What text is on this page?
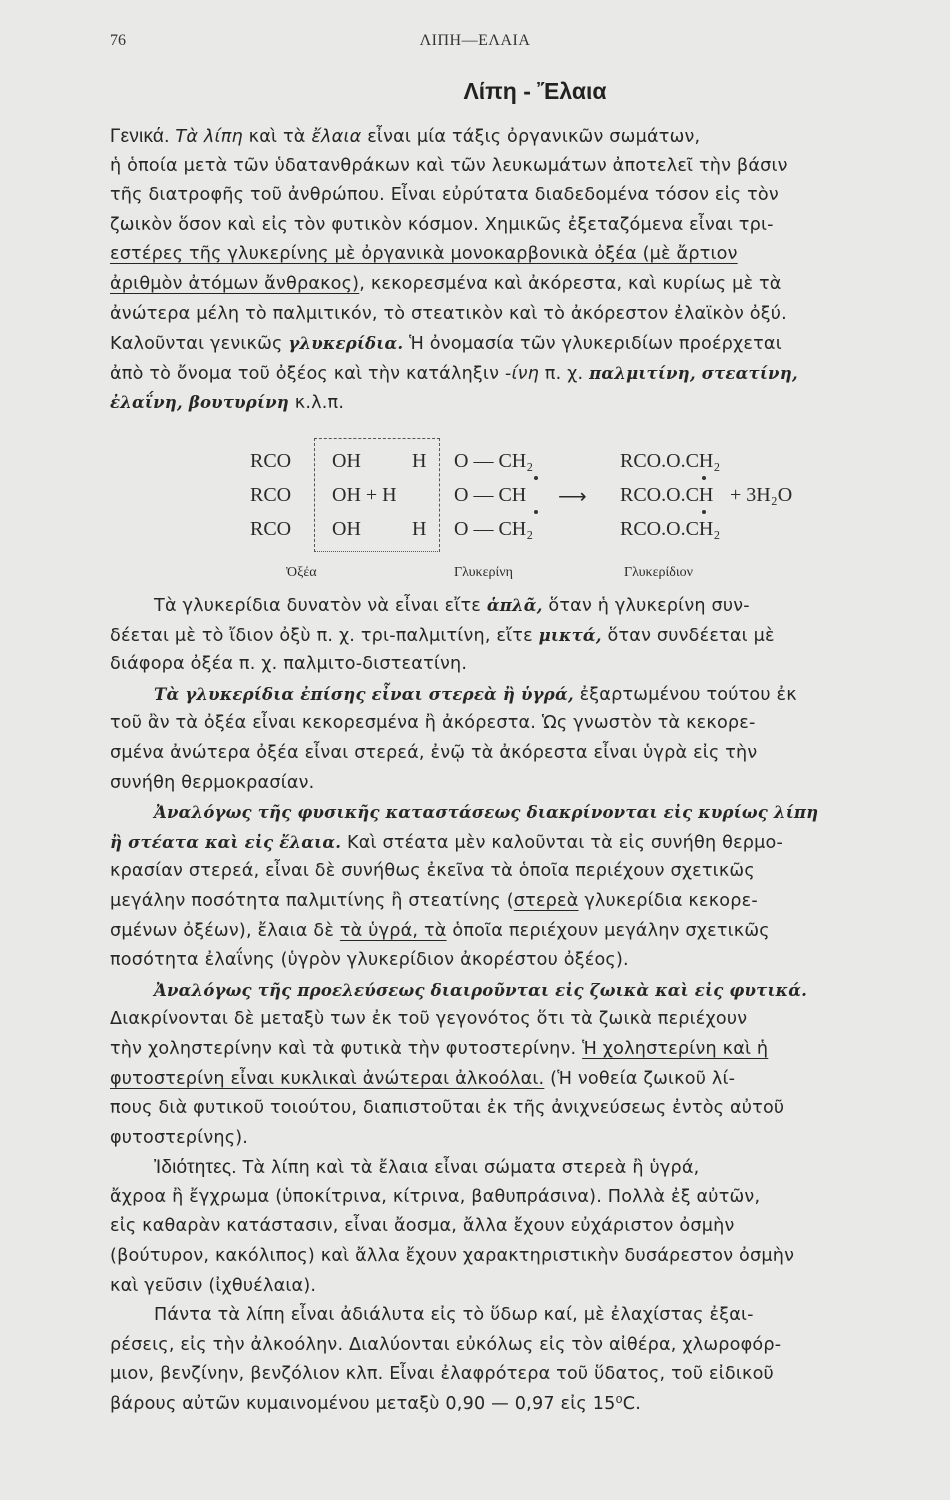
76	ΛΙΠΗ—ΕΛΑΙΑ
Λίπη - Ἔλαια
Γενικά. Τὰ λίπη καὶ τὰ ἔλαια εἶναι μία τάξις ὀργανικῶν σωμάτων,
ἡ ὁποία μετὰ τῶν ὑδατανθράκων καὶ τῶν λευκωμάτων ἀποτελεῖ τὴν βάσιν
τῆς διατροφῆς τοῦ ἀνθρώπου. Εἶναι εὐρύτατα διαδεδομένα τόσον εἰς τὸν
ζωικὸν ὅσον καὶ εἰς τὸν φυτικὸν κόσμον. Χημικῶς ἐξεταζόμενα εἶναι τρι-
εστέρες τῆς γλυκερίνης μὲ ὀργανικὰ μονοκαρβονικὰ ὀξέα (μὲ ἄρτιον
ἀριθμὸν ἀτόμων ἄνθρακος), κεκορεσμένα καὶ ἀκόρεστα, καὶ κυρίως μὲ τὰ
ἀνώτερα μέλη τὸ παλμιτικόν, τὸ στεατικὸν καὶ τὸ ἀκόρεστον ἐλαϊκὸν ὀξύ.
Καλοῦνται γενικῶς γλυκερίδια. Ἡ ὀνομασία τῶν γλυκεριδίων προέρχεται
ἀπὸ τὸ ὄνομα τοῦ ὀξέος καὶ τὴν κατάληξιν -ίνη π. χ. παλμιτίνη, στεατίνη,
ἐλαΐνη, βουτυρίνη κ.λ.π.
RCO OH	H O — CH₂	RCO.O.CH₂
RCO OH + H	O — CH ⟶ RCO.O.CH + 3H₂O
RCO OH	H O — CH₂	RCO.O.CH₂
Ὀξέα	Γλυκερίνη	Γλυκερίδιον
Τὰ γλυκερίδια δυνατὸν νὰ εἶναι εἴτε ἁπλᾶ, ὅταν ἡ γλυκερίνη συν-
δέεται μὲ τὸ ἴδιον ὀξὺ π. χ. τρι-παλμιτίνη, εἴτε μικτά, ὅταν συνδέεται μὲ
διάφορα ὀξέα π. χ. παλμιτο-διστεατίνη.
Τὰ γλυκερίδια ἐπίσης εἶναι στερεὰ ἢ ὑγρά, ἐξαρτωμένου τούτου ἐκ
τοῦ ἂν τὰ ὀξέα εἶναι κεκορεσμένα ἢ ἀκόρεστα. Ὡς γνωστὸν τὰ κεκορε-
σμένα ἀνώτερα ὀξέα εἶναι στερεά, ἐνῷ τὰ ἀκόρεστα εἶναι ὑγρὰ εἰς τὴν
συνήθη θερμοκρασίαν.
Ἀναλόγως τῆς φυσικῆς καταστάσεως διακρίνονται εἰς κυρίως λίπη
ἢ στέατα καὶ εἰς ἔλαια. Καὶ στέατα μὲν καλοῦνται τὰ εἰς συνήθη θερμο-
κρασίαν στερεά, εἶναι δὲ συνήθως ἐκεῖνα τὰ ὁποῖα περιέχουν σχετικῶς
μεγάλην ποσότητα παλμιτίνης ἢ στεατίνης (στερεὰ γλυκερίδια κεκορε-
σμένων ὀξέων), ἔλαια δὲ τὰ ὑγρά, τὰ ὁποῖα περιέχουν μεγάλην σχετικῶς
ποσότητα ἐλαΐνης (ὑγρὸν γλυκερίδιον ἀκορέστου ὀξέος).
Ἀναλόγως τῆς προελεύσεως διαιροῦνται εἰς ζωικὰ καὶ εἰς φυτικά.
Διακρίνονται δὲ μεταξὺ των ἐκ τοῦ γεγονότος ὅτι τὰ ζωικὰ περιέχουν
τὴν χοληστερίνην καὶ τὰ φυτικὰ τὴν φυτοστερίνην. Ἡ χοληστερίνη καὶ ἡ
φυτοστερίνη εἶναι κυκλικαὶ ἀνώτεραι ἀλκοόλαι. (Ἡ νοθεία ζωικοῦ λί-
πους διὰ φυτικοῦ τοιούτου, διαπιστοῦται ἐκ τῆς ἀνιχνεύσεως ἐντὸς αὐτοῦ
φυτοστερίνης).
Ἰδιότητες. Τὰ λίπη καὶ τὰ ἔλαια εἶναι σώματα στερεὰ ἢ ὑγρά,
ἄχροα ἢ ἔγχρωμα (ὑποκίτρινα, κίτρινα, βαθυπράσινα). Πολλὰ ἐξ αὐτῶν,
εἰς καθαρὰν κατάστασιν, εἶναι ἄοσμα, ἄλλα ἔχουν εὐχάριστον ὀσμὴν
(βούτυρον, κακόλιπος) καὶ ἄλλα ἔχουν χαρακτηριστικὴν δυσάρεστον ὀσμὴν
καὶ γεῦσιν (ἰχθυέλαια).
Πάντα τὰ λίπη εἶναι ἀδιάλυτα εἰς τὸ ὕδωρ καί, μὲ ἐλαχίστας ἐξαι-
ρέσεις, εἰς τὴν ἀλκοόλην. Διαλύονται εὐκόλως εἰς τὸν αἰθέρα, χλωροφόρ-
μιον, βενζίνην, βενζόλιον κλπ. Εἶναι ἐλαφρότερα τοῦ ὕδατος, τοῦ εἰδικοῦ
βάρους αὐτῶν κυμαινομένου μεταξὺ 0,90 — 0,97 εἰς 15⁰C.
